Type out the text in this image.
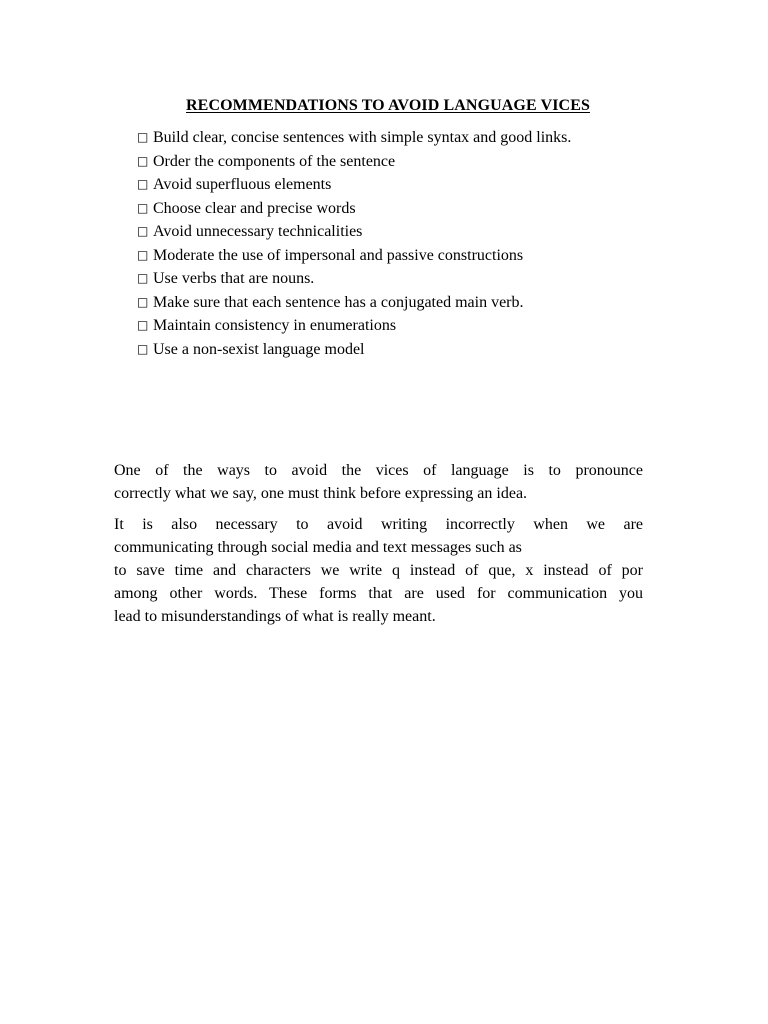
RECOMMENDATIONS TO AVOID LANGUAGE VICES
□ Build clear, concise sentences with simple syntax and good links.
□ Order the components of the sentence
□ Avoid superfluous elements
□ Choose clear and precise words
□ Avoid unnecessary technicalities
□ Moderate the use of impersonal and passive constructions
□ Use verbs that are nouns.
□ Make sure that each sentence has a conjugated main verb.
□ Maintain consistency in enumerations
□ Use a non-sexist language model
One of the ways to avoid the vices of language is to pronounce
correctly what we say, one must think before expressing an idea.
It is also necessary to avoid writing incorrectly when we are
communicating through social media and text messages such as
to save time and characters we write q instead of que, x instead of por
among other words. These forms that are used for communication you
lead to misunderstandings of what is really meant.
